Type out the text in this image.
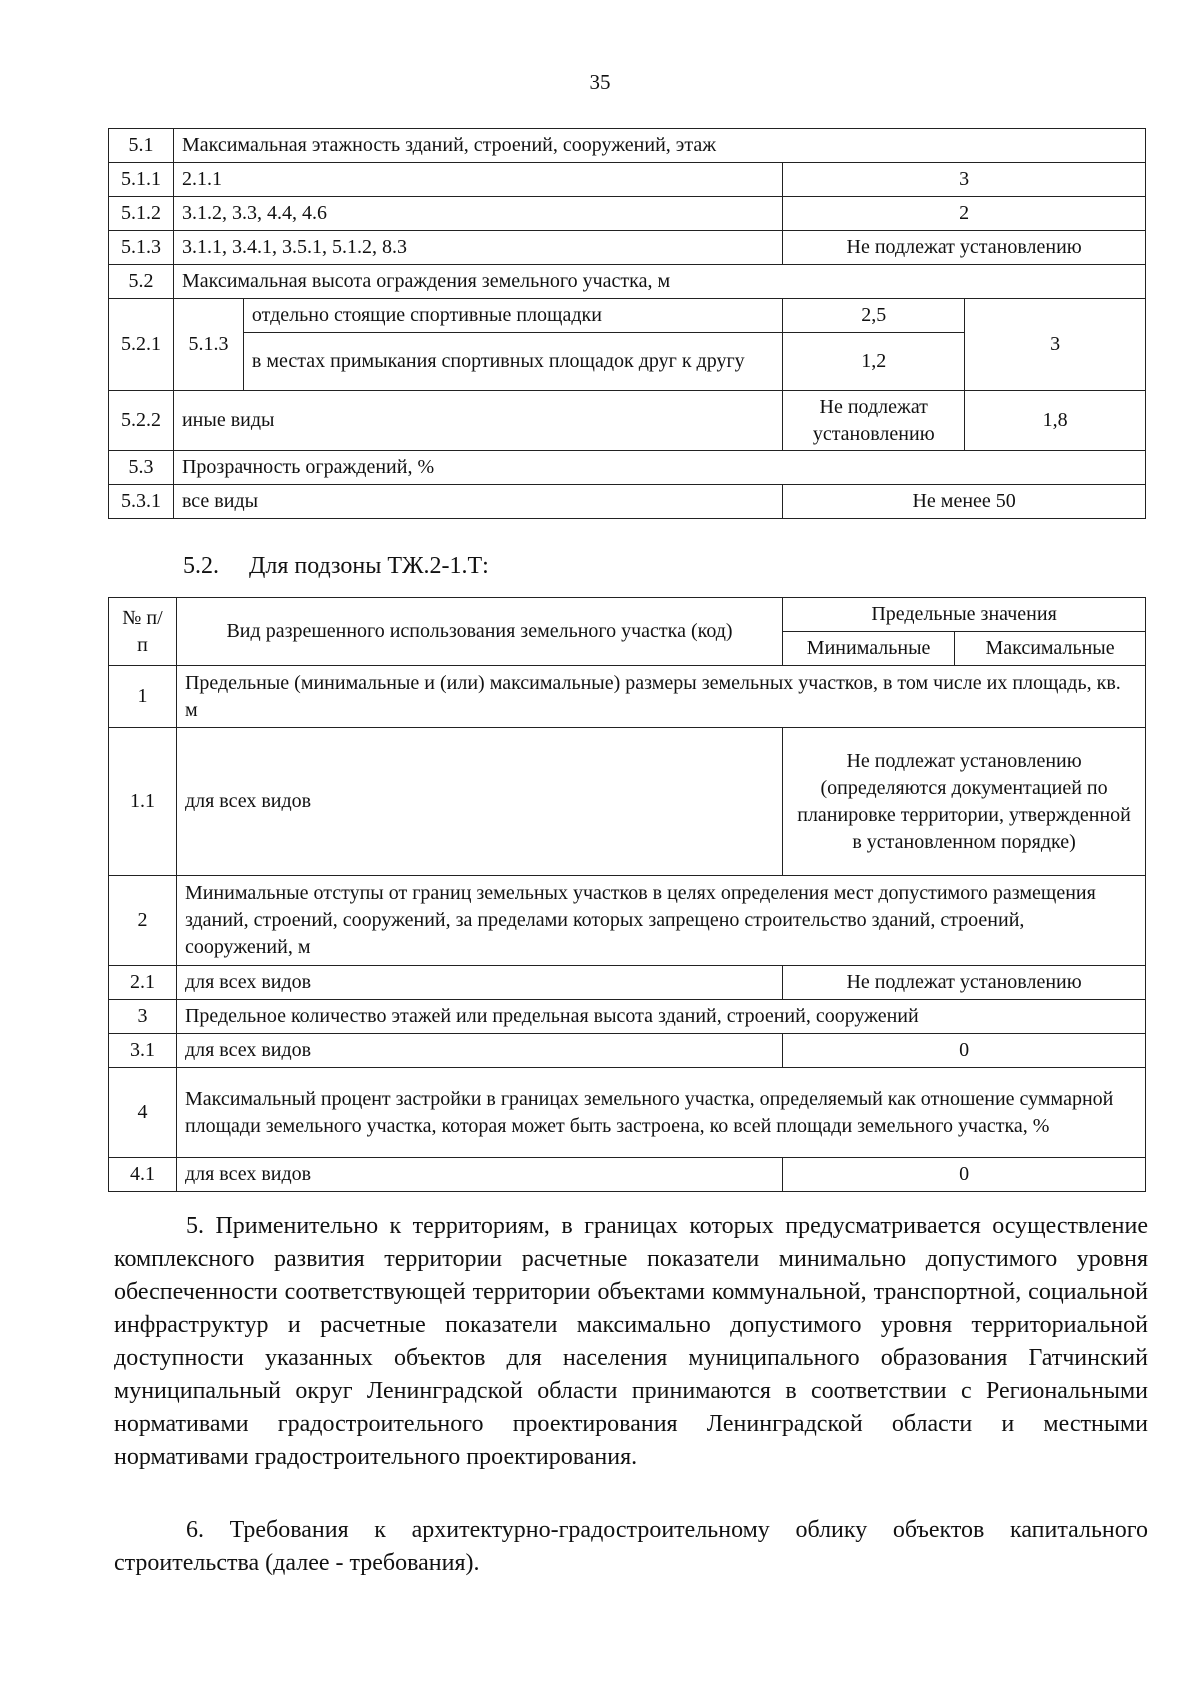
35
5.1	Максимальная этажность зданий, строений, сооружений, этаж			
5.1.1	2.1.1		3	
5.1.2	3.1.2, 3.3, 4.4, 4.6		2	
5.1.3	3.1.1, 3.4.1, 3.5.1, 5.1.2, 8.3		Не подлежат установлению	
5.2	Максимальная высота ограждения земельного участка, м			
5.2.1	5.1.3	отдельно стоящие спортивные площадки	2,5	3
		в местах примыкания спортивных площадок друг к другу	1,2	
5.2.2	иные виды		Не подлежат установлению	1,8
5.3	Прозрачность ограждений, %			
5.3.1	все виды		Не менее 50	
5.2. Для подзоны ТЖ.2-1.Т:
№ п/п	Вид разрешенного использования земельного участка (код)	Предельные значения	
		Минимальные	Максимальные
1	Предельные (минимальные и (или) максимальные) размеры земельных участков, в том числе их площадь, кв. м		
1.1	для всех видов	Не подлежат установлению (определяются документацией по планировке территории, утвержденной в установленном порядке)	
2	Минимальные отступы от границ земельных участков в целях определения мест допустимого размещения зданий, строений, сооружений, за пределами которых запрещено строительство зданий, строений, сооружений, м		
2.1	для всех видов	Не подлежат установлению	
3	Предельное количество этажей или предельная высота зданий, строений, сооружений		
3.1	для всех видов	0	
4	Максимальный процент застройки в границах земельного участка, определяемый как отношение суммарной площади земельного участка, которая может быть застроена, ко всей площади земельного участка, %		
4.1	для всех видов	0	

5. Применительно к территориям, в границах которых предусматривается осуществление комплексного развития территории расчетные показатели минимально допустимого уровня обеспеченности соответствующей территории объектами коммунальной, транспортной, социальной инфраструктур и расчетные показатели максимально допустимого уровня территориальной доступности указанных объектов для населения муниципального образования Гатчинский муниципальный округ Ленинградской области принимаются в соответствии с Региональными нормативами градостроительного проектирования Ленинградской области и местными нормативами градостроительного проектирования.

6. Требования к архитектурно-градостроительному облику объектов капитального строительства (далее - требования).
